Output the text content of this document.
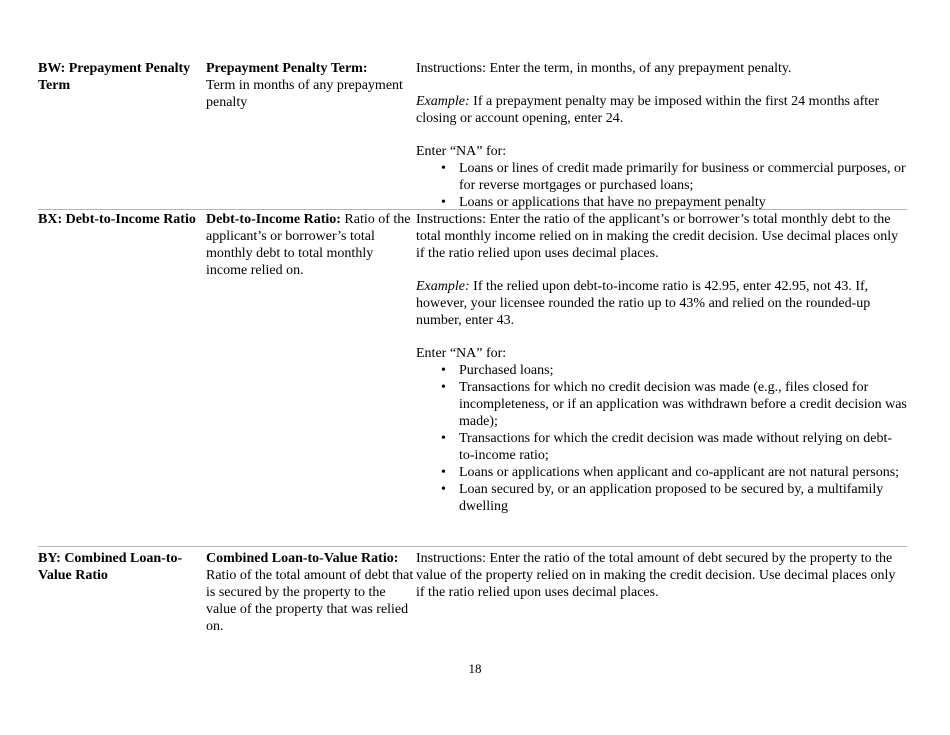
BW: Prepayment Penalty Term
Prepayment Penalty Term:
Term in months of any prepayment penalty

Instructions: Enter the term, in months, of any prepayment penalty.

Example: If a prepayment penalty may be imposed within the first 24 months after closing or account opening, enter 24.

Enter “NA” for:

• Loans or lines of credit made primarily for business or commercial purposes, or for reverse mortgages or purchased loans;
• Loans or applications that have no prepayment penalty
BX: Debt-to-Income Ratio Debt-to-Income Ratio: Ratio of the applicant’s or borrower’s total monthly debt to total monthly income relied on.

Instructions: Enter the ratio of the applicant’s or borrower’s total monthly debt to the total monthly income relied on in making the credit decision. Use decimal places only if the ratio relied upon uses decimal places.

Example: If the relied upon debt-to-income ratio is 42.95, enter 42.95, not 43. If, however, your licensee rounded the ratio up to 43% and relied on the rounded-up number, enter 43.

Enter “NA” for:

• Purchased loans;
• Transactions for which no credit decision was made (e.g., files closed for incompleteness, or if an application was withdrawn before a credit decision was made);
• Transactions for which the credit decision was made without relying on debt-to-income ratio;
• Loans or applications when applicant and co-applicant are not natural persons;
• Loan secured by, or an application proposed to be secured by, a multifamily dwelling
BY: Combined Loan-to-Value Ratio
Combined Loan-to-Value Ratio: Ratio of the total amount of debt that is secured by the property to the value of the property that was relied on.

Instructions: Enter the ratio of the total amount of debt secured by the property to the value of the property relied on in making the credit decision. Use decimal places only if the ratio relied upon uses decimal places.

18
